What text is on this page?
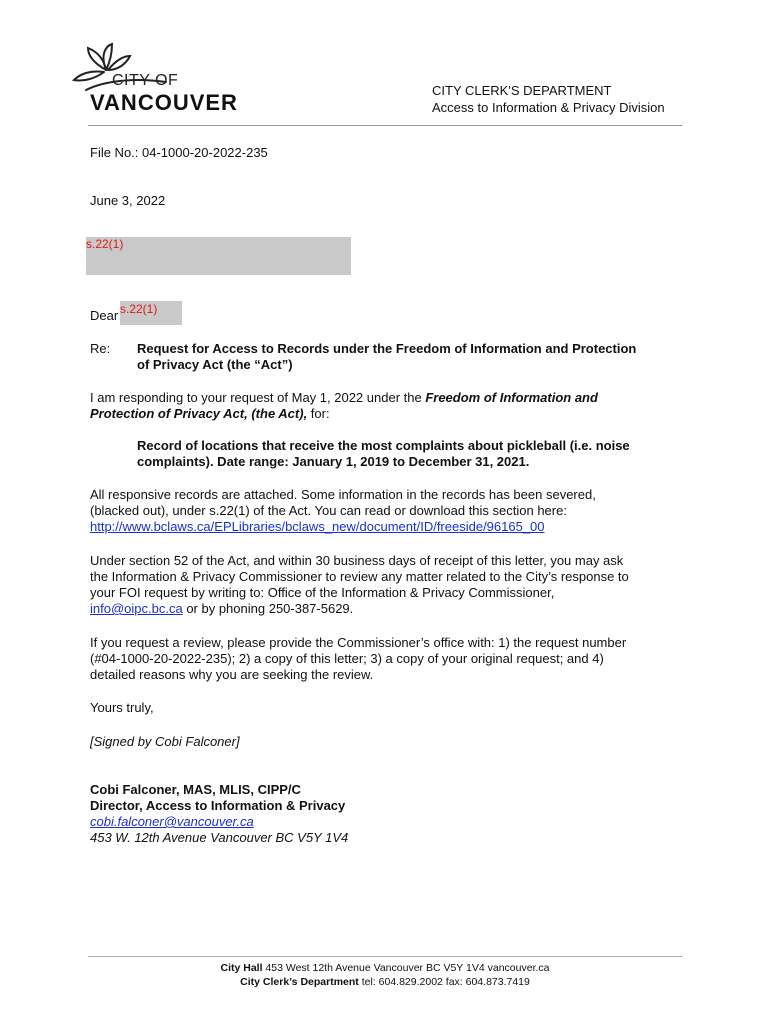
CITY OF
VANCOUVER	CITY CLERK'S DEPARTMENT
Access to Information & Privacy Division
File No.: 04-1000-20-2022-235
June 3, 2022
s.22(1)
Dear s.22(1)
Re: Request for Access to Records under the Freedom of Information and Protection
of Privacy Act (the “Act”)
I am responding to your request of May 1, 2022 under the Freedom of Information and
Protection of Privacy Act, (the Act), for:
Record of locations that receive the most complaints about pickleball (i.e. noise
complaints). Date range: January 1, 2019 to December 31, 2021.
All responsive records are attached. Some information in the records has been severed,
(blacked out), under s.22(1) of the Act. You can read or download this section here:
http://www.bclaws.ca/EPLibraries/bclaws_new/document/ID/freeside/96165_00
Under section 52 of the Act, and within 30 business days of receipt of this letter, you may ask
the Information & Privacy Commissioner to review any matter related to the City’s response to
your FOI request by writing to: Office of the Information & Privacy Commissioner,
info@oipc.bc.ca or by phoning 250-387-5629.
If you request a review, please provide the Commissioner’s office with: 1) the request number
(#04-1000-20-2022-235); 2) a copy of this letter; 3) a copy of your original request; and 4)
detailed reasons why you are seeking the review.
Yours truly,
[Signed by Cobi Falconer]
Cobi Falconer, MAS, MLIS, CIPP/C
Director, Access to Information & Privacy
cobi.falconer@vancouver.ca
453 W. 12th Avenue Vancouver BC V5Y 1V4
City Hall 453 West 12th Avenue Vancouver BC V5Y 1V4 vancouver.ca
City Clerk’s Department tel: 604.829.2002 fax: 604.873.7419
